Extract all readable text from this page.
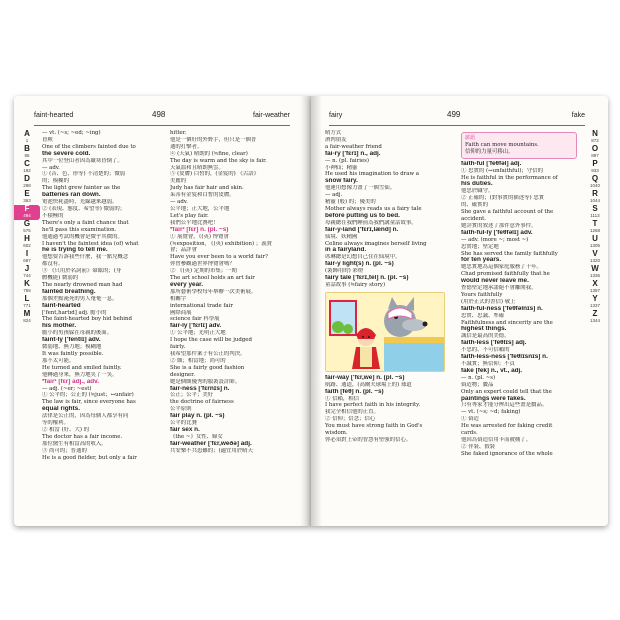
faint-hearted	498	fair-weather
A
1
B
95
C
192
D
288
E
363
F
494
G
575
H
602
I
687
J
744
K
755
L
771
M
824
— vt. (~s; ~ed; ~ing)
昏厥
One of the climbers fainted due to
the severe cold.
其中一位登山者因為嚴寒昏倒了。
— adv.
① (音、色、形等) 不清楚的；微弱
的；模糊的
The light grew fainter as the
batteries ran down.
電池快耗盡時，光線越來越弱。
② (表現、態度、希望等) 微弱的；
不積極的
There's only a faint chance that
he'll pass this examination.
他通過考試的機會是微乎其微的。
I haven't the faintest idea (of) what
he is trying to tell me.
他想要告訴我些什麼，我一點兒概念
都沒有。
③ 《只用於名詞前》暈眩的；(身
體機能) 微弱的
The nearly drowned man had
fainted breathing.
那個差點淹死的男人奄奄一息。
faint-hearted
['fent,hartɪd] adj. 膽小的
The faint-hearted boy hid behind
his mother.
膽小的男孩躲在母親的後面。
faint-ly ['fentlɪ] adv.
微弱地、無力地；模糊地
It was faintly possible.
那不太可能。
He turned and smiled faintly.
他轉過身來，無力地笑了一笑。
*fair¹ [fɛr] adj., adv.
— adj. (~er; ~est)
① 公平的；公正的 (≒just；↔unfair)
The law is fair, since everyone has
equal rights.
法律是公正的，因為每個人都享有同
等的權利。
② 相當 (好、大) 的
The doctor has a fair income.
那位醫生有相當高的收入。
③ 尚可的；普通的
He is a good fielder, but only a fair
hitter.
他是一個好的外野手，但只是一個普
通的打擊者。
④ (天氣) 晴朗的 (≒fine, clear)
The day is warm and the sky is fair.
天氣溫和且晴朗無雲。
⑤ (皮膚) 白皙的，(金髮的) 《古語》
美麗的
Judy has fair hair and skin.
茱蒂有金髮和白皙的皮膚。
— adv.
公平地；正大地，公平地
Let's play fair.
我們公平地比賽吧！
*fair² [fɛr] n. (pl. ~s)
① 展覽會，《(英) 博覽會
(≒exposition, 《(英) exhibition) ；義賣
會；品評會
Have you ever been to a world fair?
你曾參觀過世界博覽會嗎？
② 《(英) 定期的市集；一期
The art school holds an art fair
every year.
那所藝術學校每年舉辦一次美術展。
相關字
international trade fair
國際商展
science fair 科學展
fair-ly ['fɛrlɪ] adv.
① 公平地；光明正大地
I hope the case will be judged
fairly.
我希望那件案子有公正的判決。
② 頗；相當地；尚可的
She is a fairly good fashion
designer.
她是個頗優秀的服裝設計師。
fair-ness ['fɛrnɪs] n.
公正；公平；美好
the doctrine of fairness
公平原則
fair play n. (pl. ~s)
公平的比賽
fair sex n.
《the ~》女性、婦女
fair-weather ['fɛr,weðə] adj.
共安樂不共患難的；(適宜用於晴天
fairy	499	fake
N
872
O
897
P
933
Q
1040
R
1044
S
1113
T
1268
U
1305
V
1320
W
1336
X
1357
Y
1337
Z
1344
晴方式
酒肉朋友
a fair-weather friend
fai-ry ['fɛrɪ] n., adj.
— n. (pl. fairies)
小神仙；精靈
He used his imagination to draw a
snow fairy.
他運用想像力畫了一個雪仙。
— adj.
精靈 (般) 的；優美的
Mother always reads us a fairy tale
before putting us to bed.
母親總在我們睡前為我們講童話故事。
fair-y-land ['fɛrɪ,lænd] n.
仙境、妖精國
Celine always imagines herself living
in a fairyland.
席琳總是幻想自己住在仙境中。
fair-y light(s) n. (pl. ~s)
(裝飾用的) 彩燈
fairy tale ['fɛrɪ,tel] n. (pl. ~s)
童話故事 (≒fairy story)
fair-way ['fɛr,we] n. (pl. ~s)
航路、通道，(高爾夫球場上的) 球道
faith [feθ] n. (pl. ~s)
① 信賴，相信
I have perfect faith in his integrity.
我完全相信他的正直。
② 信仰；信念；信心
You must have strong faith in God's
wisdom.
你必須對上帝的智慧有堅強的信心。
諺語
Faith can move mountains.
信仰的力量可移山。
faith-ful ['feθfəl] adj.
① 忠實的 (↔unfaithful)；守信的
He is faithful in the performance of
his duties.
他忠於職守。
② 正確的；(對事實的描述等) 忠實
的、確實的
She gave a faithful account of the
accident.
她詳實的敘述了那件意外事件。
faith-ful-ly ['feθfəlɪ] adv.
— adv. (more ~; most ~)
忠實地；堅定地
She has served the family faithfully
for ten years.
她忠實地為這個家庭服務了十年。
Chad promised faithfully that he
would never leave me.
查德堅定地承諾絕不會離開我。
Yours faithfully
(用於正式的書信) 敬上
faith-ful-ness ['feθfəlnɪs] n.
忠實、忠誠、準確
Faithfulness and sincerity are the
highest things.
誠信是最高的美德。
faith-less ['feθlɪs] adj.
不忠的、不可信賴的
faith-less-ness ['feθlɪsnɪs] n.
不誠實；無信仰；不貞
fake [fek] n., vt., adj.
— n. (pl. ~s)
偽造物；贗品
Only an expert could tell that the
paintings were fakes.
只有專家才能分辨出這些畫是贗品。
— vt. (~s; ~d; faking)
① 偽造
He was arrested for faking credit
cards.
他因為偽造信用卡而被捕了。
② 佯裝、假裝
She faked ignorance of the whole
